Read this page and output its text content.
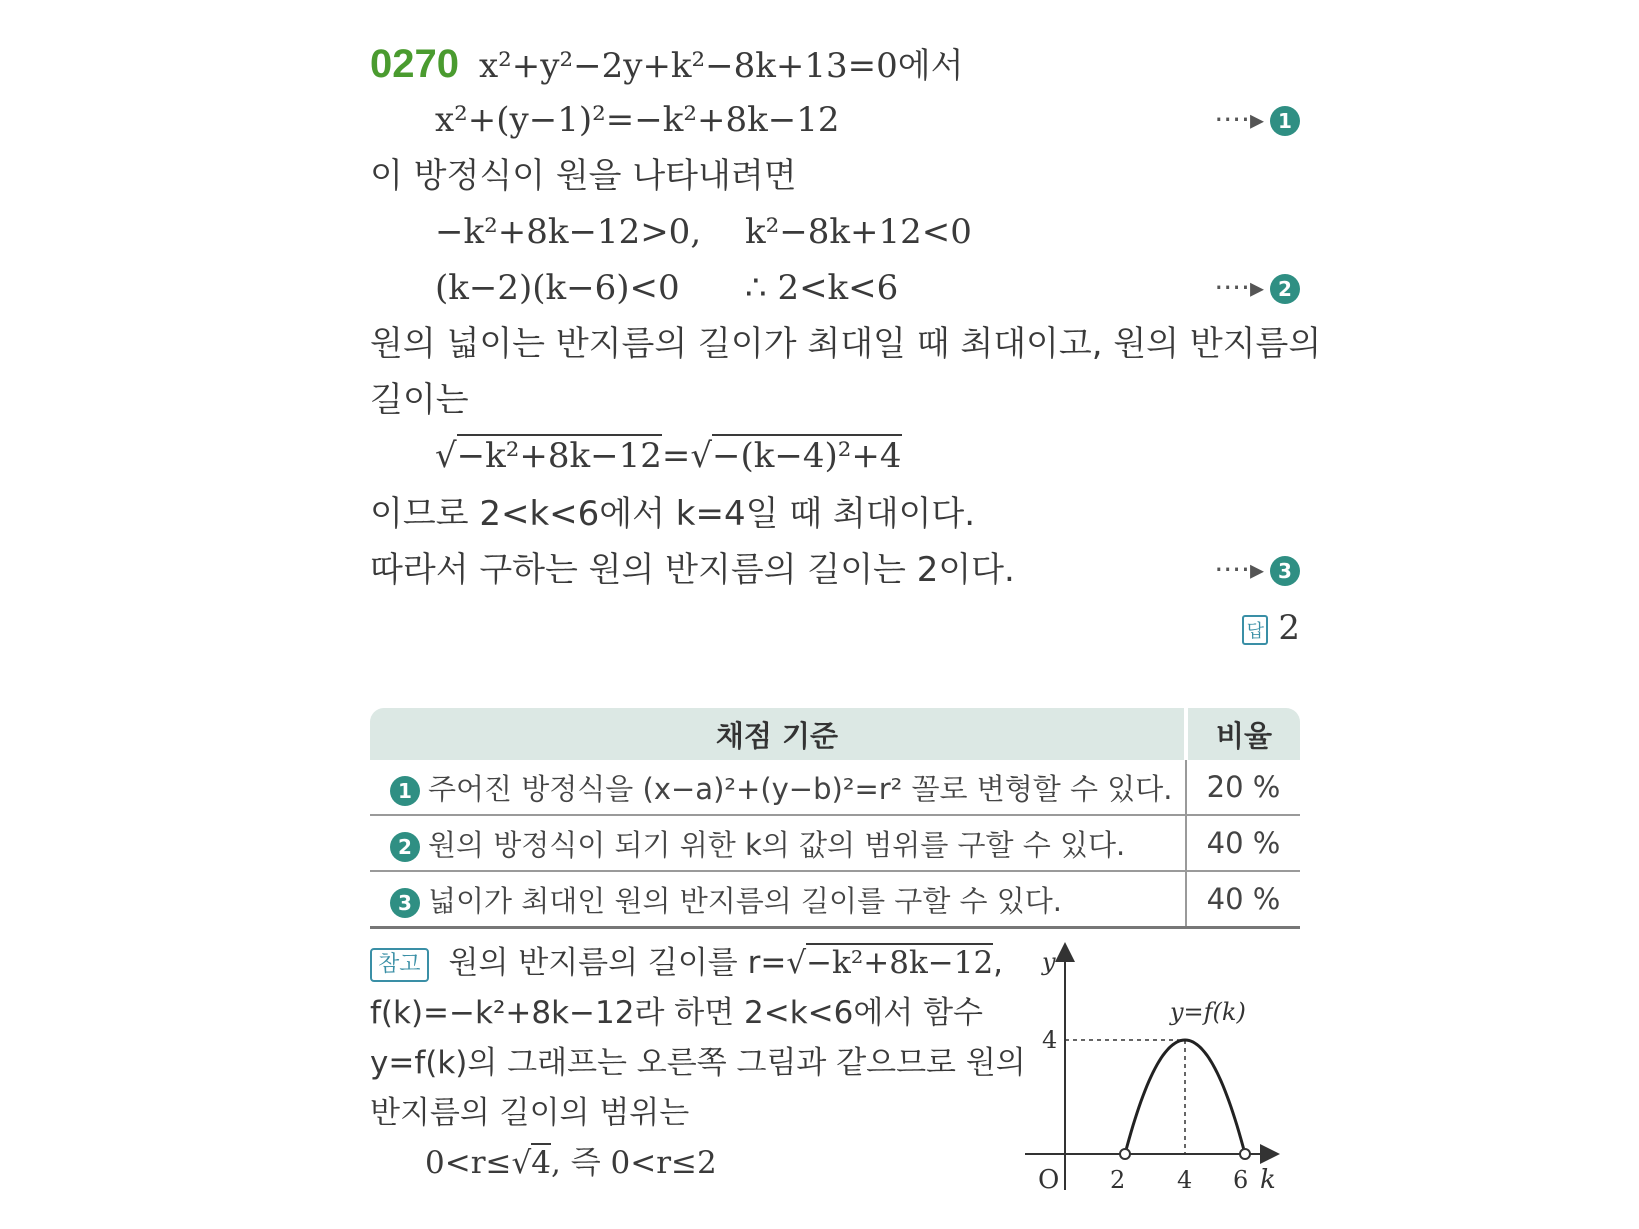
0270 x²+y²−2y+k²−8k+13=0에서
x²+(y−1)²=−k²+8k−12	····▸ 1
이 방정식이 원을 나타내려면
−k²+8k−12>0, k²−8k+12<0
(k−2)(k−6)<0 ∴ 2<k<6	····▸ 2
원의 넓이는 반지름의 길이가 최대일 때 최대이고, 원의 반지름의
길이는
√−k²+8k−12=√−(k−4)²+4
이므로 2<k<6에서 k=4일 때 최대이다.
따라서 구하는 원의 반지름의 길이는 2이다.	····▸ 3
답 2
채점 기준	비율
1 주어진 방정식을 (x−a)²+(y−b)²=r² 꼴로 변형할 수 있다.	20 %
2 원의 방정식이 되기 위한 k의 값의 범위를 구할 수 있다.	40 %
3 넓이가 최대인 원의 반지름의 길이를 구할 수 있다.	40 %
참고 원의 반지름의 길이를 r=√−k²+8k−12,
f(k)=−k²+8k−12라 하면 2<k<6에서 함수
y=f(k)의 그래프는 오른쪽 그림과 같으므로 원의
반지름의 길이의 범위는
0<r≤√4, 즉 0<r≤2
y
k
O
4
2 4 6
y=f(k)
